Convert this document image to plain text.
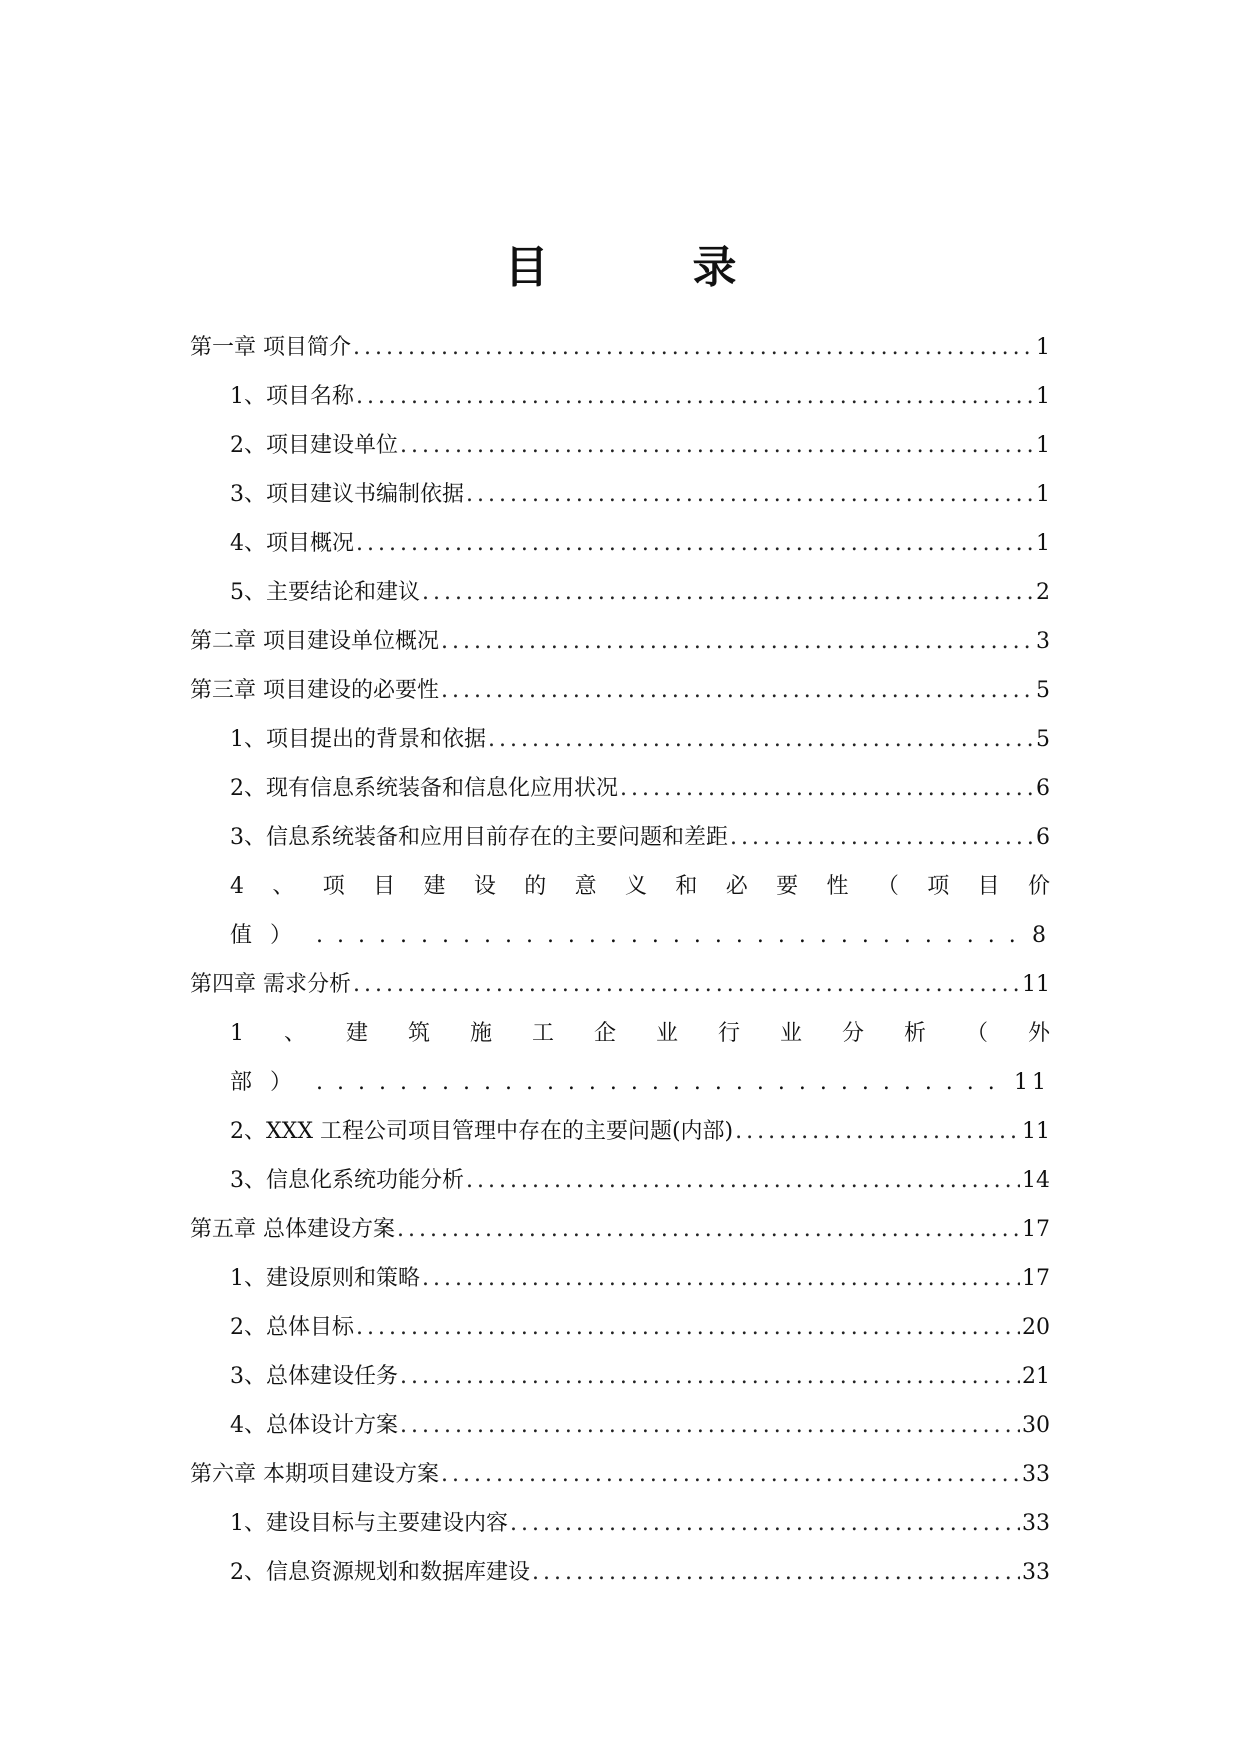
目　录
第一章 项目简介 .....	1
1、项目名称 .....	1
2、项目建设单位 .....	1
3、项目建议书编制依据 .....	1
4、项目概况 .....	1
5、主要结论和建议 .....	2
第二章 项目建设单位概况 .....	3
第三章 项目建设的必要性 .....	5
1、项目提出的背景和依据 .....	5
2、现有信息系统装备和信息化应用状况 .....	6
3、信息系统装备和应用目前存在的主要问题和差距 .....	6
4 、 项 目 建 设 的 意 义 和 必 要 性 （ 项 目 价
值） .....	8
第四章 需求分析 .....	11
1 、 建 筑 施 工 企 业 行 业 分 析 （ 外
部） .....	11
2、XXX 工程公司项目管理中存在的主要问题(内部) .....	11
3、信息化系统功能分析 .....	14
第五章 总体建设方案 .....	17
1、建设原则和策略 .....	17
2、总体目标 .....	20
3、总体建设任务 .....	21
4、总体设计方案 .....	30
第六章 本期项目建设方案 .....	33
1、建设目标与主要建设内容 .....	33
2、信息资源规划和数据库建设 .....	33
